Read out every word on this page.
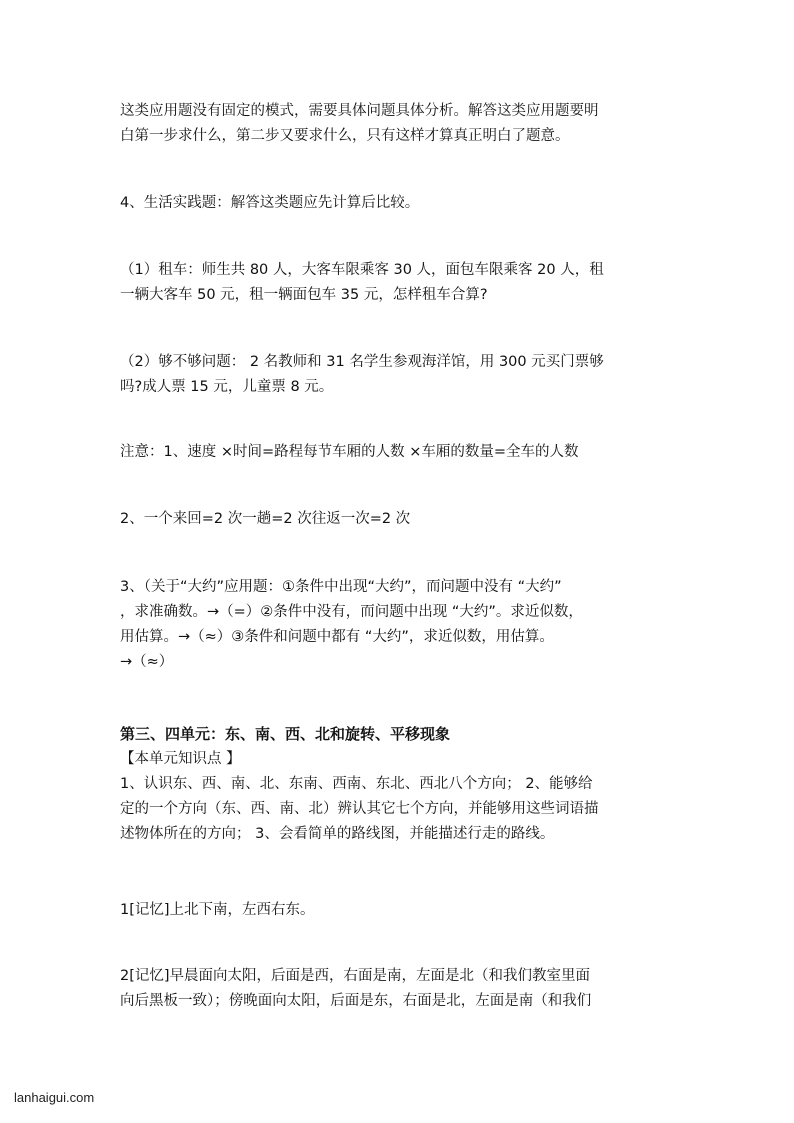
这类应用题没有固定的模式，需要具体问题具体分析。解答这类应用题要明
白第一步求什么，第二步又要求什么，只有这样才算真正明白了题意。
4、生活实践题：解答这类题应先计算后比较。
（1）租车：师生共 80 人，大客车限乘客 30 人，面包车限乘客 20 人，租
一辆大客车 50 元，租一辆面包车 35 元，怎样租车合算?
（2）够不够问题： 2 名教师和 31 名学生参观海洋馆，用 300 元买门票够
吗?成人票 15 元，儿童票 8 元。
注意：1、速度 ×时间=路程每节车厢的人数 ×车厢的数量=全车的人数
2、一个来回=2 次一趟=2 次往返一次=2 次
3、（关于“大约”应用题：①条件中出现“大约”，而问题中没有 “大约”
，求准确数。→（=）②条件中没有，而问题中出现 “大约”。求近似数，
用估算。→（≈）③条件和问题中都有 “大约”，求近似数，用估算。
→（≈）
第三、四单元：东、南、西、北和旋转、平移现象
【本单元知识点 】
1、认识东、西、南、北、东南、西南、东北、西北八个方向； 2、能够给
定的一个方向（东、西、南、北）辨认其它七个方向，并能够用这些词语描
述物体所在的方向； 3、会看简单的路线图，并能描述行走的路线。
1[记忆]上北下南，左西右东。
2[记忆]早晨面向太阳，后面是西，右面是南，左面是北（和我们教室里面
向后黑板一致）；傍晚面向太阳，后面是东，右面是北，左面是南（和我们
lanhaigui.com
